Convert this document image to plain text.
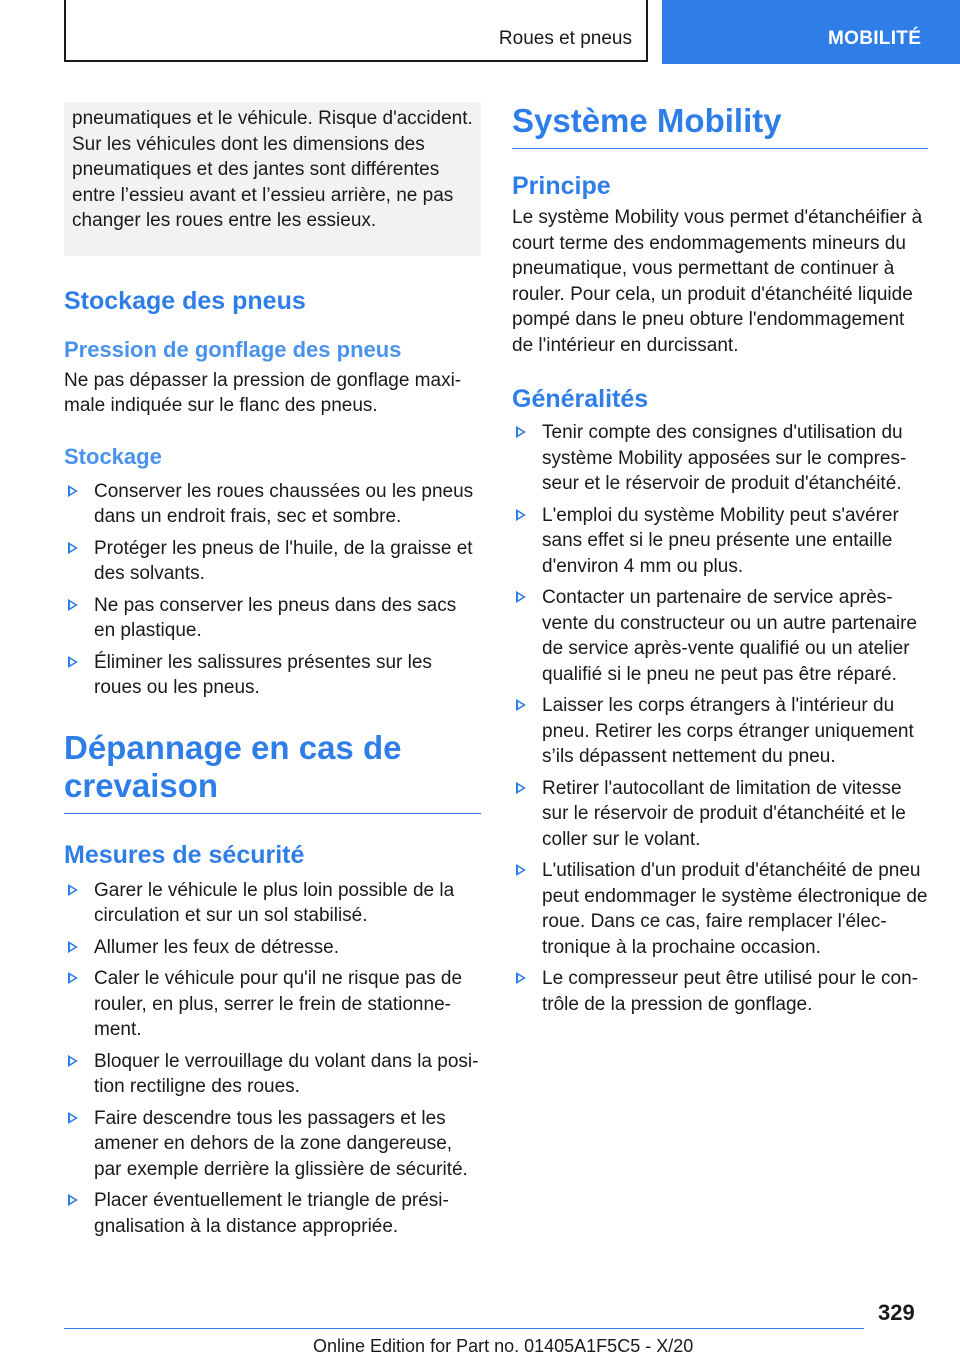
Roues et pneus	MOBILITÉ

pneumatiques et le véhicule. Risque d'accident.

Sur les véhicules dont les dimensions des

pneumatiques et des jantes sont différentes

entre l’essieu avant et l’essieu arrière, ne pas

changer les roues entre les essieux.

Stockage des pneus
Pression de gonflage des pneus

Ne pas dépasser la pression de gonflage maxi-male indiquée sur le flanc des pneus.

Stockage
Conserver les roues chaussées ou les pneus dans un endroit frais, sec et sombre.
Protéger les pneus de l'huile, de la graisse et des solvants.
Ne pas conserver les pneus dans des sacs en plastique.
Éliminer les salissures présentes sur les roues ou les pneus.
Dépannage en cas de crevaison
Mesures de sécurité
Garer le véhicule le plus loin possible de la circulation et sur un sol stabilisé.
Allumer les feux de détresse.
Caler le véhicule pour qu'il ne risque pas de rouler, en plus, serrer le frein de stationne-ment.
Bloquer le verrouillage du volant dans la posi-tion rectiligne des roues.
Faire descendre tous les passagers et les amener en dehors de la zone dangereuse, par exemple derrière la glissière de sécurité.
Placer éventuellement le triangle de prési-gnalisation à la distance appropriée.
Système Mobility
Principe

Le système Mobility vous permet d'étanchéifier à court terme des endommagements mineurs du pneumatique, vous permettant de continuer à rouler. Pour cela, un produit d'étanchéité liquide pompé dans le pneu obture l'endommagement de l'intérieur en durcissant.

Généralités
Tenir compte des consignes d'utilisation du système Mobility apposées sur le compres-seur et le réservoir de produit d'étanchéité.
L'emploi du système Mobility peut s'avérer sans effet si le pneu présente une entaille d'environ 4 mm ou plus.
Contacter un partenaire de service après-vente du constructeur ou un autre partenaire de service après-vente qualifié ou un atelier qualifié si le pneu ne peut pas être réparé.
Laisser les corps étrangers à l'intérieur du pneu. Retirer les corps étranger uniquement s’ils dépassent nettement du pneu.
Retirer l'autocollant de limitation de vitesse sur le réservoir de produit d'étanchéité et le coller sur le volant.
L'utilisation d'un produit d'étanchéité de pneu peut endommager le système électronique de roue. Dans ce cas, faire remplacer l'élec-tronique à la prochaine occasion.
Le compresseur peut être utilisé pour le con-trôle de la pression de gonflage.
329
Online Edition for Part no. 01405A1F5C5 - X/20
